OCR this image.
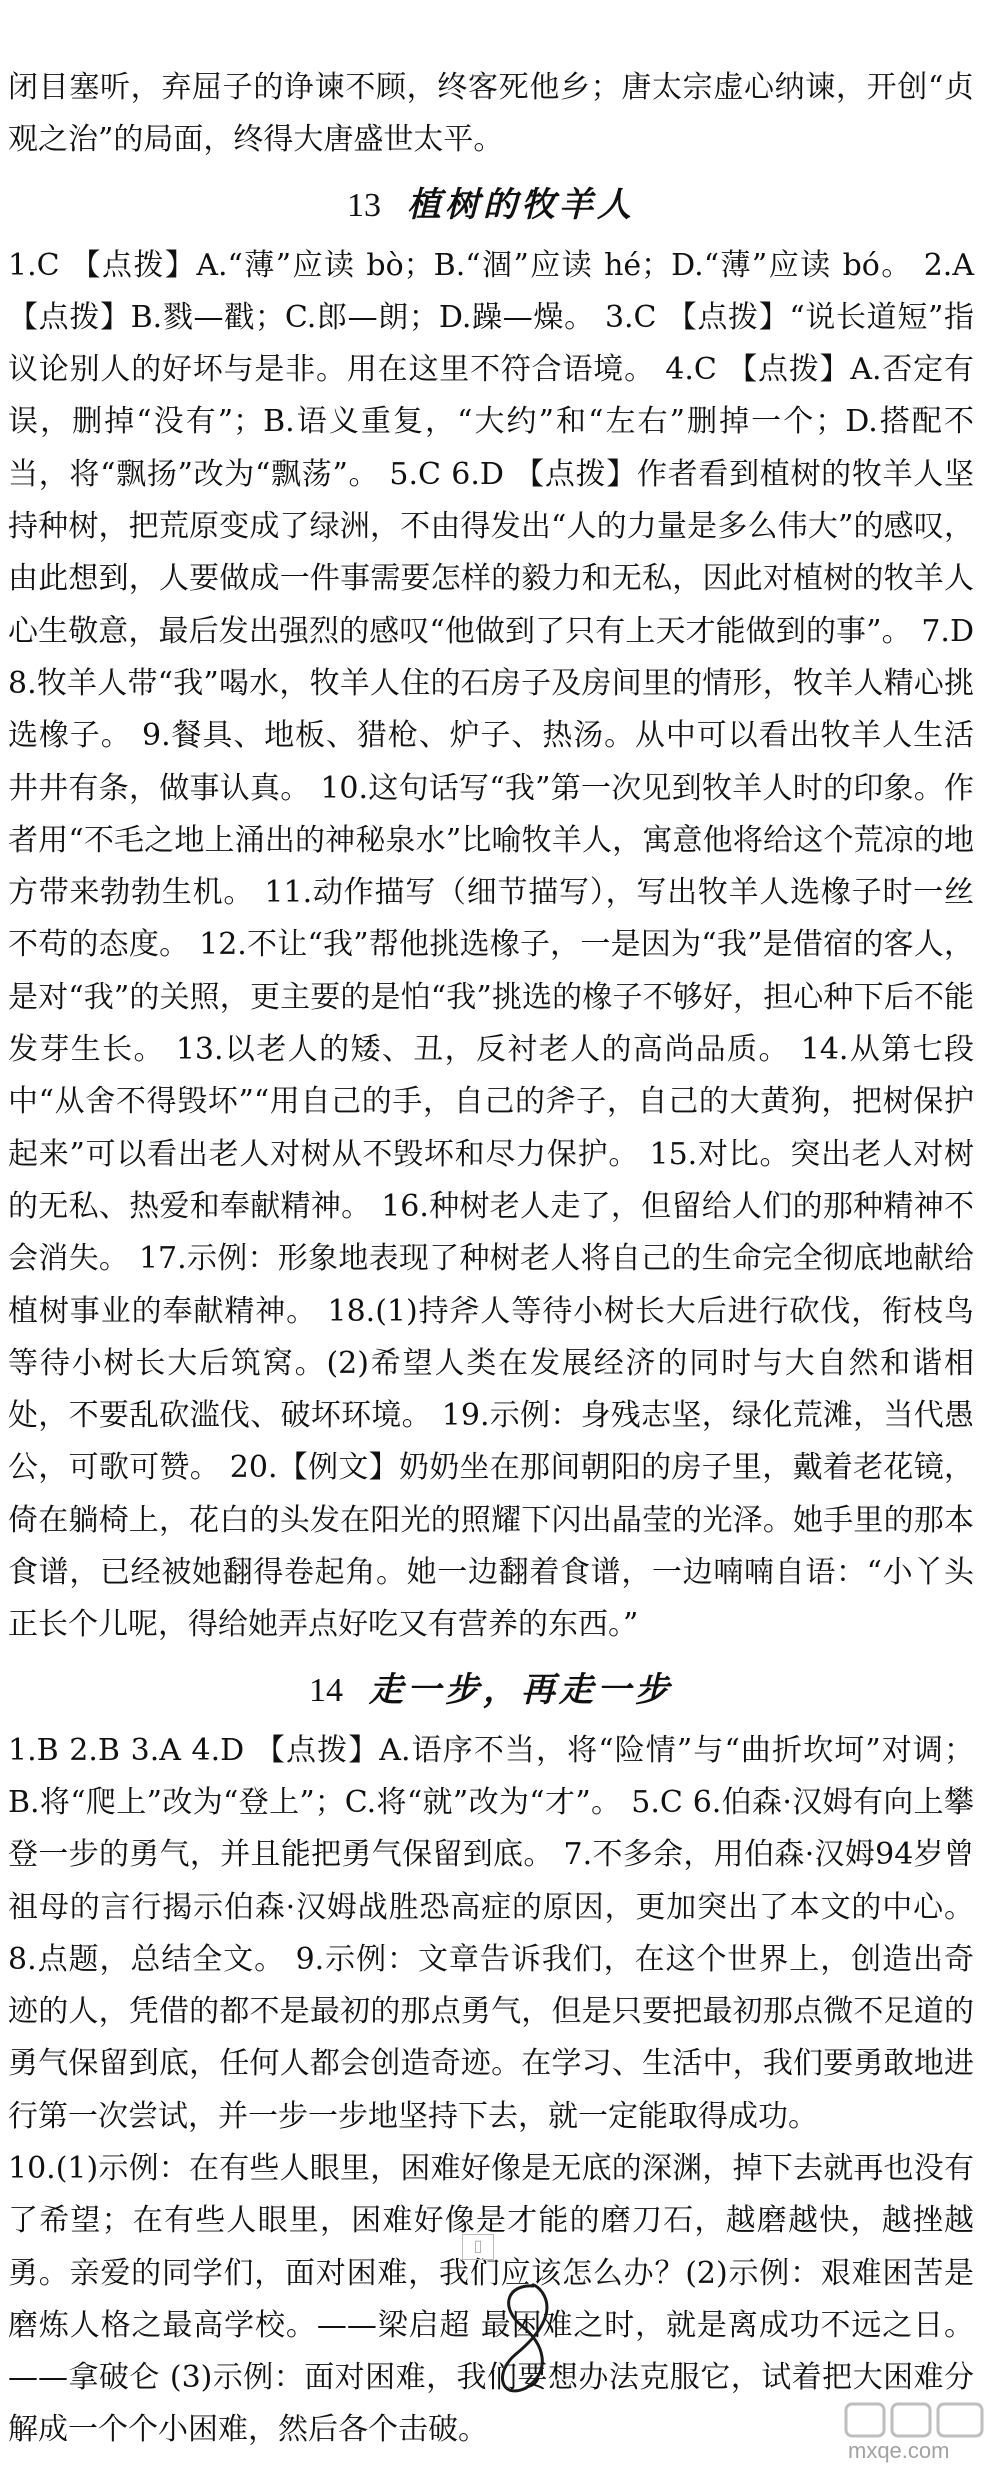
闭目塞听，弃屈子的诤谏不顾，终客死他乡；唐太宗虚心纳谏，开创“贞观之治”的局面，终得大唐盛世太平。

13 植树的牧羊人

1.C 【点拨】A.“薄”应读 bò；B.“涸”应读 hé；D.“薄”应读 bó。 2.A 【点拨】B.戮—戳；C.郎—朗；D.躁—燥。 3.C 【点拨】“说长道短”指议论别人的好坏与是非。用在这里不符合语境。 4.C 【点拨】A.否定有误，删掉“没有”；B.语义重复，“大约”和“左右”删掉一个；D.搭配不当，将“飘扬”改为“飘荡”。 5.C 6.D 【点拨】作者看到植树的牧羊人坚持种树，把荒原变成了绿洲，不由得发出“人的力量是多么伟大”的感叹，由此想到，人要做成一件事需要怎样的毅力和无私，因此对植树的牧羊人心生敬意，最后发出强烈的感叹“他做到了只有上天才能做到的事”。 7.D 8.牧羊人带“我”喝水，牧羊人住的石房子及房间里的情形，牧羊人精心挑选橡子。 9.餐具、地板、猎枪、炉子、热汤。从中可以看出牧羊人生活井井有条，做事认真。 10.这句话写“我”第一次见到牧羊人时的印象。作者用“不毛之地上涌出的神秘泉水”比喻牧羊人，寓意他将给这个荒凉的地方带来勃勃生机。 11.动作描写（细节描写），写出牧羊人选橡子时一丝不苟的态度。 12.不让“我”帮他挑选橡子，一是因为“我”是借宿的客人，是对“我”的关照，更主要的是怕“我”挑选的橡子不够好，担心种下后不能发芽生长。 13.以老人的矮、丑，反衬老人的高尚品质。 14.从第七段中“从舍不得毁坏”“用自己的手，自己的斧子，自己的大黄狗，把树保护起来”可以看出老人对树从不毁坏和尽力保护。 15.对比。突出老人对树的无私、热爱和奉献精神。 16.种树老人走了，但留给人们的那种精神不会消失。 17.示例：形象地表现了种树老人将自己的生命完全彻底地献给植树事业的奉献精神。 18.(1)持斧人等待小树长大后进行砍伐，衔枝鸟等待小树长大后筑窝。(2)希望人类在发展经济的同时与大自然和谐相处，不要乱砍滥伐、破坏环境。 19.示例：身残志坚，绿化荒滩，当代愚公，可歌可赞。 20.【例文】奶奶坐在那间朝阳的房子里，戴着老花镜，倚在躺椅上，花白的头发在阳光的照耀下闪出晶莹的光泽。她手里的那本食谱，已经被她翻得卷起角。她一边翻着食谱，一边喃喃自语：“小丫头正长个儿呢，得给她弄点好吃又有营养的东西。”

14 走一步，再走一步

1.B 2.B 3.A 4.D 【点拨】A.语序不当，将“险情”与“曲折坎坷”对调；B.将“爬上”改为“登上”；C.将“就”改为“才”。 5.C 6.伯森·汉姆有向上攀登一步的勇气，并且能把勇气保留到底。 7.不多余，用伯森·汉姆94岁曾祖母的言行揭示伯森·汉姆战胜恐高症的原因，更加突出了本文的中心。 8.点题，总结全文。 9.示例：文章告诉我们，在这个世界上，创造出奇迹的人，凭借的都不是最初的那点勇气，但是只要把最初那点微不足道的勇气保留到底，任何人都会创造奇迹。在学习、生活中，我们要勇敢地进行第一次尝试，并一步一步地坚持下去，就一定能取得成功。

10.(1)示例：在有些人眼里，困难好像是无底的深渊，掉下去就再也没有了希望；在有些人眼里，困难好像是才能的磨刀石，越磨越快，越挫越勇。亲爱的同学们，面对困难，我们应该怎么办？(2)示例：艰难困苦是磨炼人格之最高学校。——梁启超 最困难之时，就是离成功不远之日。——拿破仑 (3)示例：面对困难，我们要想办法克服它，试着把大困难分解成一个个小困难，然后各个击破。

▯
mxqe.com
